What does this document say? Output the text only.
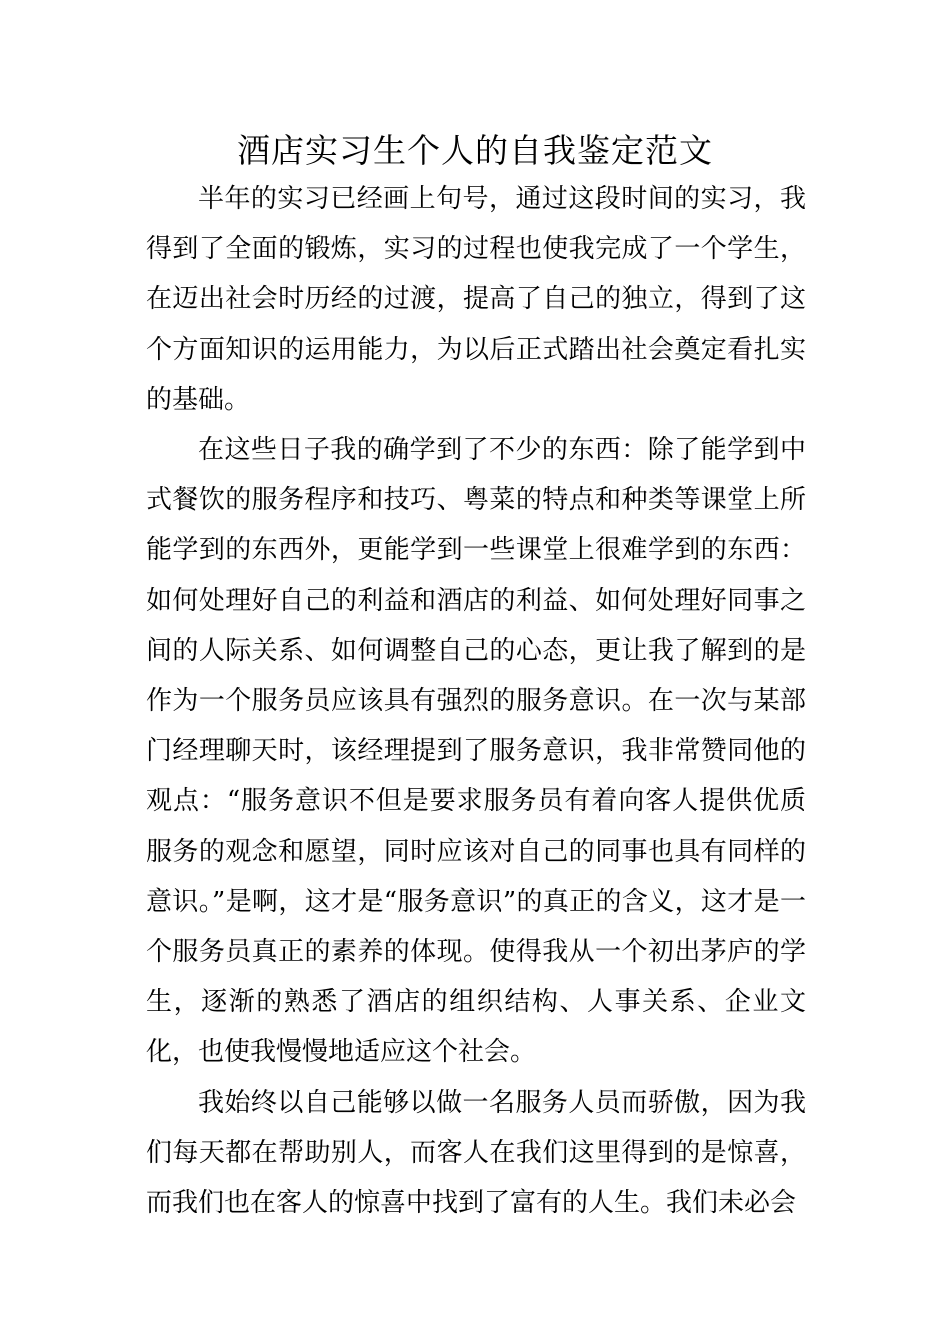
酒店实习生个人的自我鉴定范文

半年的实习已经画上句号，通过这段时间的实习，我得到了全面的锻炼，实习的过程也使我完成了一个学生，在迈出社会时历经的过渡，提高了自己的独立，得到了这个方面知识的运用能力，为以后正式踏出社会奠定看扎实的基础。

在这些日子我的确学到了不少的东西：除了能学到中式餐饮的服务程序和技巧、粤菜的特点和种类等课堂上所能学到的东西外，更能学到一些课堂上很难学到的东西：如何处理好自己的利益和酒店的利益、如何处理好同事之间的人际关系、如何调整自己的心态，更让我了解到的是作为一个服务员应该具有强烈的服务意识。在一次与某部门经理聊天时，该经理提到了服务意识，我非常赞同他的观点：“服务意识不但是要求服务员有着向客人提供优质服务的观念和愿望，同时应该对自己的同事也具有同样的意识。”是啊，这才是“服务意识”的真正的含义，这才是一个服务员真正的素养的体现。使得我从一个初出茅庐的学生，逐渐的熟悉了酒店的组织结构、人事关系、企业文化，也使我慢慢地适应这个社会。

我始终以自己能够以做一名服务人员而骄傲，因为我们每天都在帮助别人，而客人在我们这里得到的是惊喜，而我们也在客人的惊喜中找到了富有的人生。我们未必会
